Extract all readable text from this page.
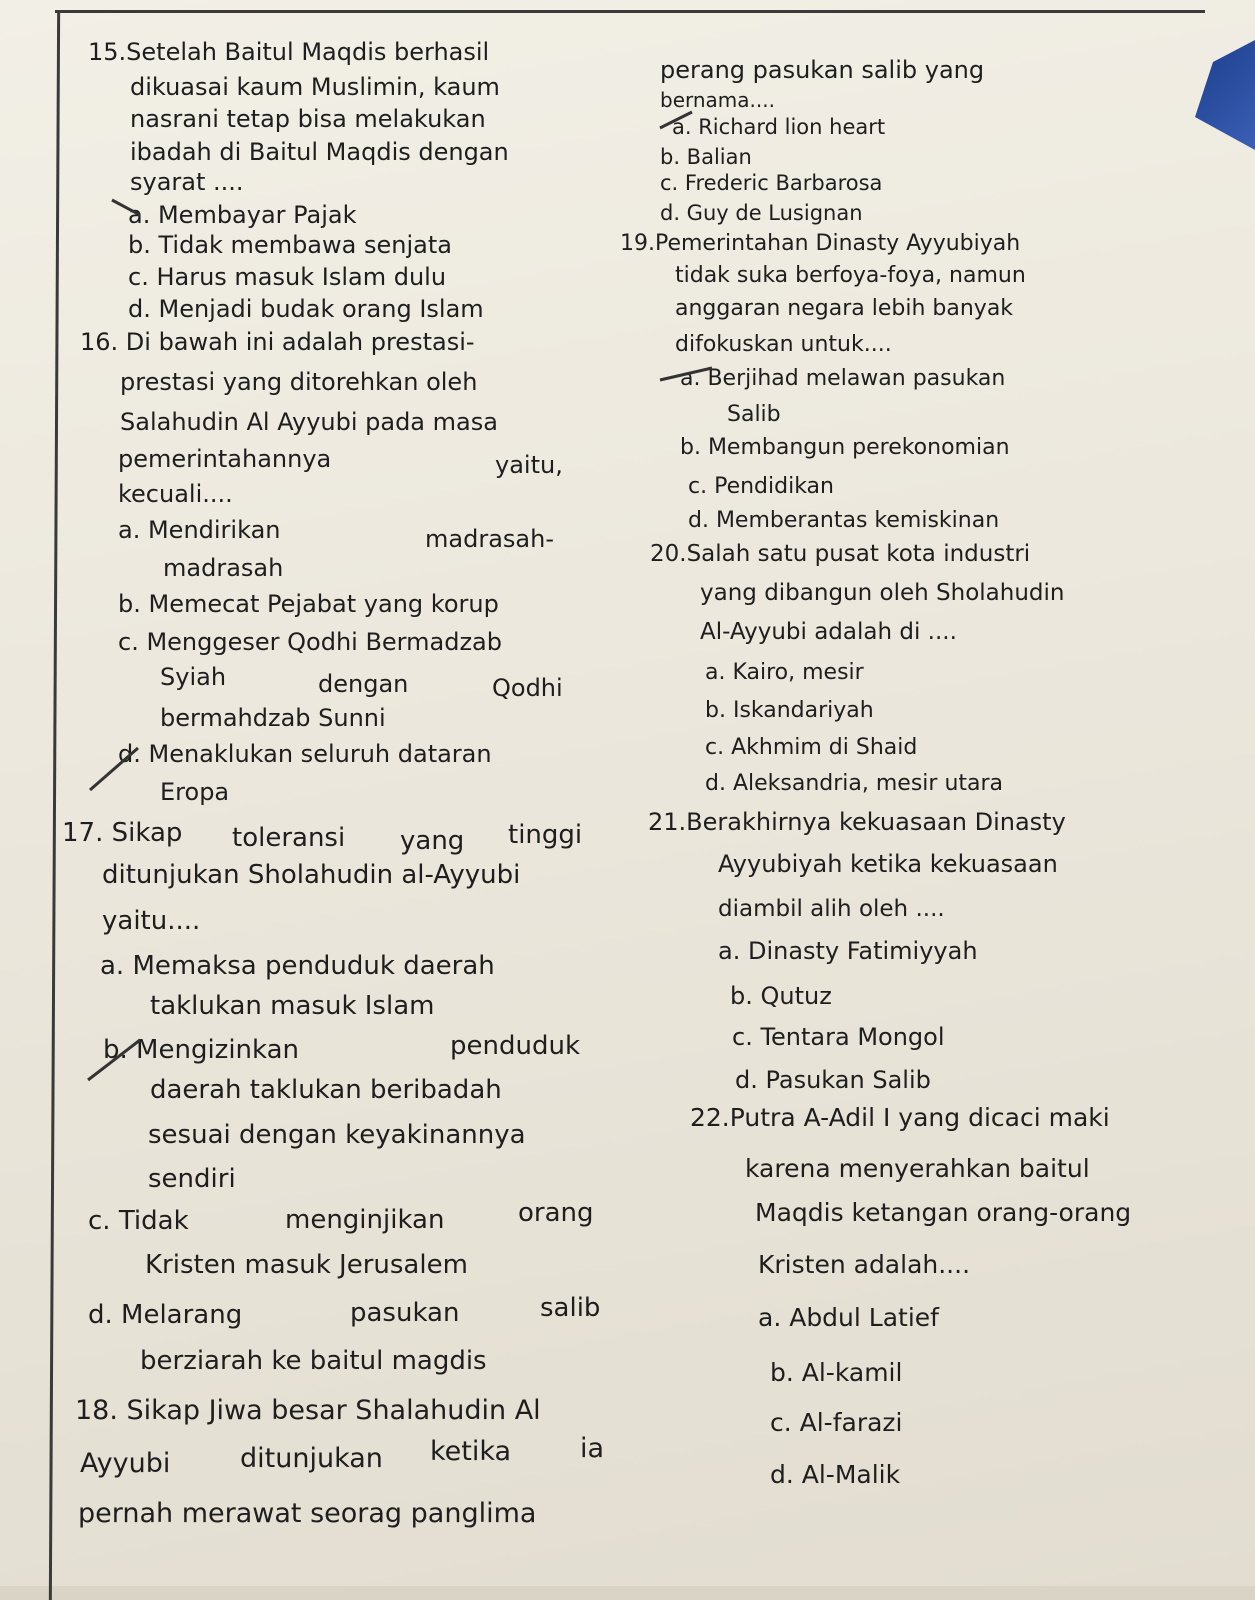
15.Setelah Baitul Maqdis berhasil
dikuasai kaum Muslimin, kaum
nasrani tetap bisa melakukan
ibadah di Baitul Maqdis dengan
syarat ....
a. Membayar Pajak
b. Tidak membawa senjata
c. Harus masuk Islam dulu
d. Menjadi budak orang Islam
16. Di bawah ini adalah prestasi-
prestasi yang ditorehkan oleh
Salahudin Al Ayyubi pada masa
pemerintahannya	yaitu,
kecuali....
a. Mendirikan	madrasah-
madrasah
b. Memecat Pejabat yang korup
c. Menggeser Qodhi Bermadzab
Syiah	dengan	Qodhi
bermahdzab Sunni
d. Menaklukan seluruh dataran
Eropa
17. Sikap toleransi yang tinggi
ditunjukan Sholahudin al-Ayyubi
yaitu....
a. Memaksa penduduk daerah
taklukan masuk Islam
b. Mengizinkan	penduduk
daerah taklukan beribadah
sesuai dengan keyakinannya
sendiri
c. Tidak	menginjikan	orang
Kristen masuk Jerusalem
d. Melarang	pasukan	salib
berziarah ke baitul magdis
18. Sikap Jiwa besar Shalahudin Al
Ayyubi	ditunjukan ketika	ia
pernah merawat seorag panglima
perang pasukan salib yang
bernama....
a. Richard lion heart
b. Balian
c. Frederic Barbarosa
d. Guy de Lusignan
19.Pemerintahan Dinasty Ayyubiyah
tidak suka berfoya-foya, namun
anggaran negara lebih banyak
difokuskan untuk....
a. Berjihad melawan pasukan
Salib
b. Membangun perekonomian
c. Pendidikan
d. Memberantas kemiskinan
20.Salah satu pusat kota industri
yang dibangun oleh Sholahudin
Al-Ayyubi adalah di ....
a. Kairo, mesir
b. Iskandariyah
c. Akhmim di Shaid
d. Aleksandria, mesir utara
21.Berakhirnya kekuasaan Dinasty
Ayyubiyah ketika kekuasaan
diambil alih oleh ....
a. Dinasty Fatimiyyah
b. Qutuz
c. Tentara Mongol
d. Pasukan Salib
22.Putra A-Adil I yang dicaci maki
karena menyerahkan baitul
Maqdis ketangan orang-orang
Kristen adalah....
a. Abdul Latief
b. Al-kamil
c. Al-farazi
d. Al-Malik
